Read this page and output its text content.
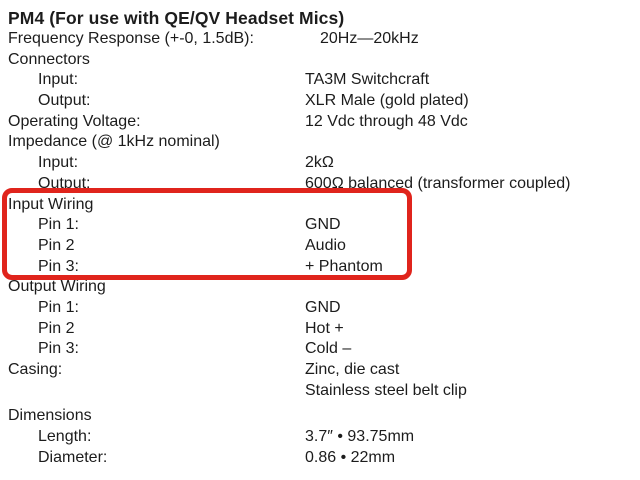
PM4 (For use with QE/QV Headset Mics)
Frequency Response (+-0, 1.5dB):	20Hz—20kHz
Connectors
Input:	TA3M Switchcraft
Output:	XLR Male (gold plated)
Operating Voltage:	12 Vdc through 48 Vdc
Impedance (@ 1kHz nominal)
Input:	2kΩ
Output:	600Ω balanced (transformer coupled)
Input Wiring
Pin 1:	GND
Pin 2	Audio
Pin 3:	+ Phantom
Output Wiring
Pin 1:	GND
Pin 2	Hot +
Pin 3:	Cold –
Casing:	Zinc, die cast
Stainless steel belt clip
Dimensions
Length:	3.7″ • 93.75mm
Diameter:	0.86 • 22mm
